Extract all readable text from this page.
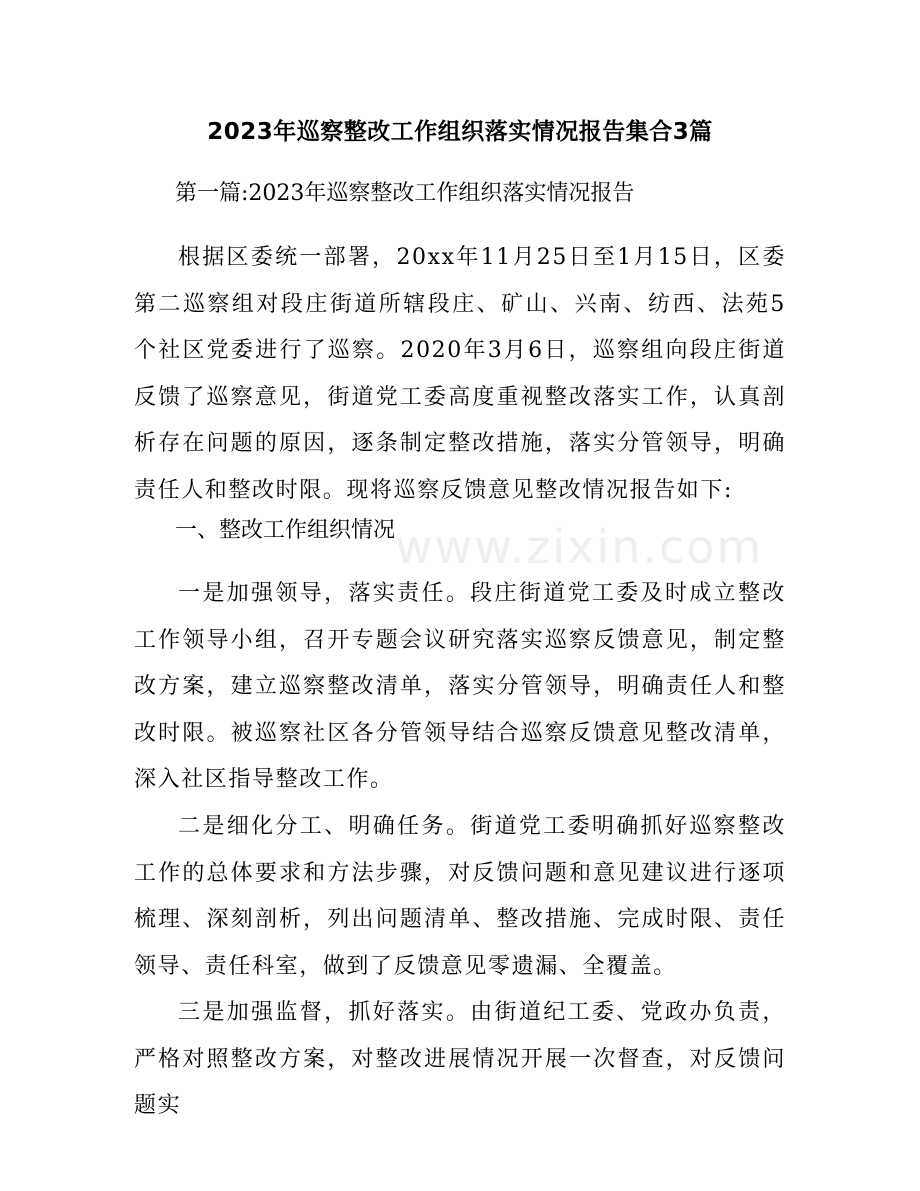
2023年巡察整改工作组织落实情况报告集合3篇
第一篇:2023年巡察整改工作组织落实情况报告
根据区委统一部署，20xx年11月25日至1月15日，区委第二巡察组对段庄街道所辖段庄、矿山、兴南、纺西、法苑5个社区党委进行了巡察。2020年3月6日，巡察组向段庄街道反馈了巡察意见，街道党工委高度重视整改落实工作，认真剖析存在问题的原因，逐条制定整改措施，落实分管领导，明确责任人和整改时限。现将巡察反馈意见整改情况报告如下:
一、整改工作组织情况
一是加强领导，落实责任。段庄街道党工委及时成立整改工作领导小组，召开专题会议研究落实巡察反馈意见，制定整改方案，建立巡察整改清单，落实分管领导，明确责任人和整改时限。被巡察社区各分管领导结合巡察反馈意见整改清单，深入社区指导整改工作。
二是细化分工、明确任务。街道党工委明确抓好巡察整改工作的总体要求和方法步骤，对反馈问题和意见建议进行逐项梳理、深刻剖析，列出问题清单、整改措施、完成时限、责任领导、责任科室，做到了反馈意见零遗漏、全覆盖。
三是加强监督，抓好落实。由街道纪工委、党政办负责，严格对照整改方案，对整改进展情况开展一次督查，对反馈问题实
www.zixin.com
